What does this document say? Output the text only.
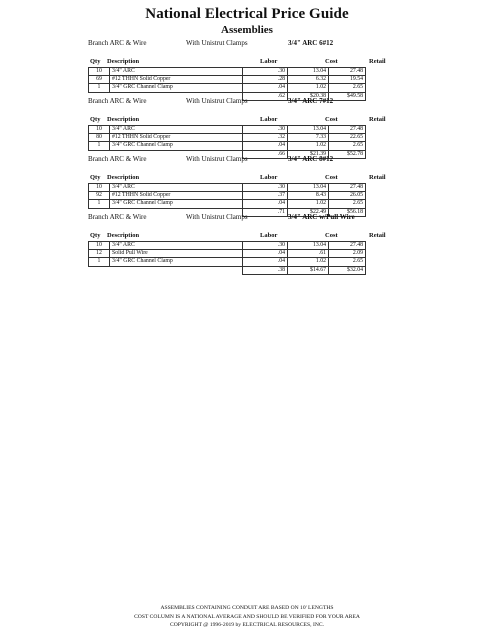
National Electrical Price Guide
Assemblies
Branch ARC & Wire	With Unistrut Clamps	3/4" ARC 6#12
Qty Description	Labor	Cost	Retail
10	3/4" ARC	.30	13.04	27.48
69	#12 THHN Solid Copper	.28	6.32	19.54
1	3/4" GRC Channel Clamp	.04	1.02	2.65
		.62	$20.38	$49.58
Branch ARC & Wire	With Unistrut Clamps	3/4" ARC 7#12
Qty Description	Labor	Cost	Retail
10	3/4" ARC	.30	13.04	27.48
80	#12 THHN Solid Copper	.32	7.33	22.65
1	3/4" GRC Channel Clamp	.04	1.02	2.65
		.66	$21.39	$52.78
Branch ARC & Wire	With Unistrut Clamps	3/4" ARC 8#12
Qty Description	Labor	Cost	Retail
10	3/4" ARC	.30	13.04	27.48
92	#12 THHN Solid Copper	.37	8.43	26.05
1	3/4" GRC Channel Clamp	.04	1.02	2.65
		.71	$22.49	$56.18
Branch ARC & Wire	With Unistrut Clamps	3/4" ARC w/Pull Wire
Qty Description	Labor	Cost	Retail
10	3/4" ARC	.30	13.04	27.48
12	Solid Pull Wire	.04	.61	2.09
1	3/4" GRC Channel Clamp	.04	1.02	2.65
		.38	$14.67	$32.04
ASSEMBLIES CONTAINING CONDUIT ARE BASED ON 10' LENGTHS
COST COLUMN IS A NATIONAL AVERAGE AND SHOULD BE VERIFIED FOR YOUR AREA
COPYRIGHT @ 1996-2019 by ELECTRICAL RESOURCES, INC.
